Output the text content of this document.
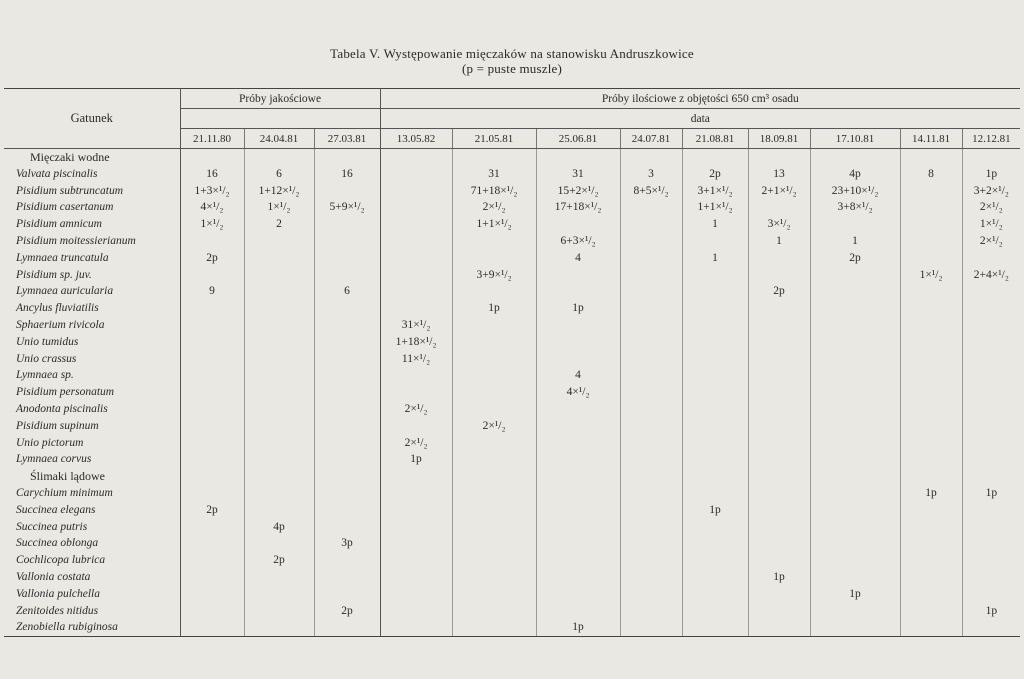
Tabela V. Występowanie mięczaków na stanowisku Andruszkowice
(p = puste muszle)
Gatunek	Próby jakościowe			Próby ilościowe z objętości 650 cm³ osadu								
				data								
	21.11.80	24.04.81	27.03.81	13.05.82	21.05.81	25.06.81	24.07.81	21.08.81	18.09.81	17.10.81	14.11.81	12.12.81
Mięczaki wodne												
Valvata piscinalis	16	6	16		31	31	3	2p	13	4p	8	1p
Pisidium subtruncatum	1+3×¹/₂	1+12×¹/₂			71+18×¹/₂	15+2×¹/₂	8+5×¹/₂	3+1×¹/₂	2+1×¹/₂	23+10×¹/₂		3+2×¹/₂
Pisidium casertanum	4×¹/₂	1×¹/₂	5+9×¹/₂		2×¹/₂	17+18×¹/₂		1+1×¹/₂		3+8×¹/₂		2×¹/₂
Pisidium amnicum	1×¹/₂	2			1+1×¹/₂			1	3×¹/₂			1×¹/₂
Pisidium moitessierianum						6+3×¹/₂			1	1		2×¹/₂
Lymnaea truncatula	2p					4		1		2p		
Pisidium sp. juv.					3+9×¹/₂						1×¹/₂	2+4×¹/₂
Lymnaea auricularia	9		6						2p			
Ancylus fluviatilis					1p	1p						
Sphaerium rivicola				31×¹/₂								
Unio tumidus				1+18×¹/₂								
Unio crassus				11×¹/₂								
Lymnaea sp.						4						
Pisidium personatum						4×¹/₂						
Anodonta piscinalis				2×¹/₂								
Pisidium supinum					2×¹/₂							
Unio pictorum				2×¹/₂								
Lymnaea corvus				1p								
Ślimaki lądowe												
Carychium minimum											1p	1p
Succinea elegans	2p							1p				
Succinea putris		4p										
Succinea oblonga			3p									
Cochlicopa lubrica		2p										
Vallonia costata									1p			
Vallonia pulchella										1p		
Zenitoides nitidus			2p									1p
Zenobiella rubiginosa						1p						
